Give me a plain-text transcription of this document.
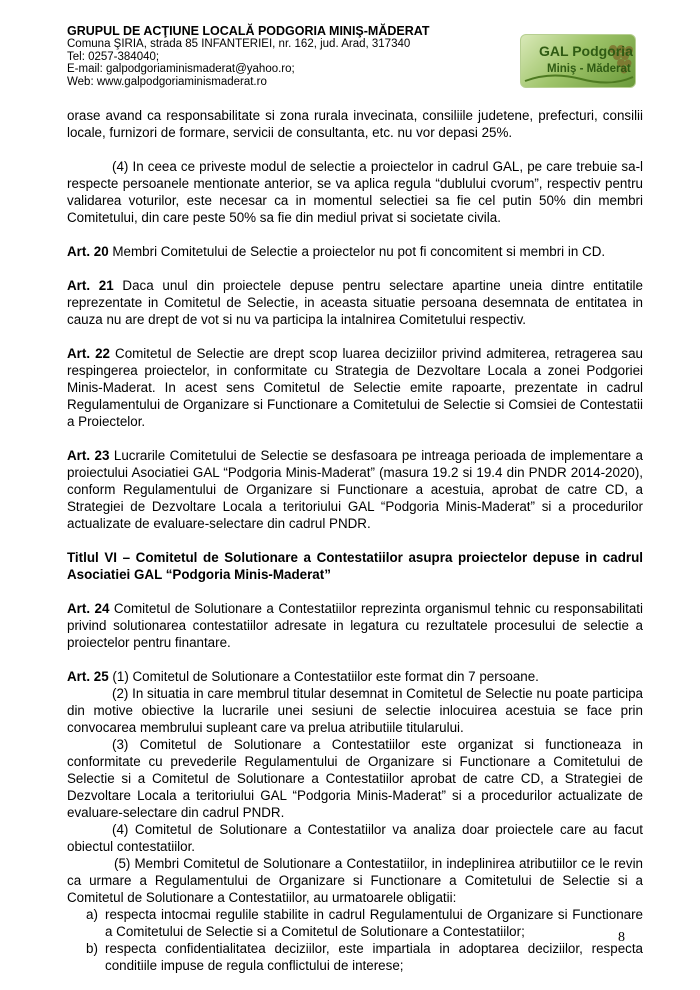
GRUPUL DE ACŢIUNE LOCALĂ PODGORIA MINIŞ-MĂDERAT
Comuna ŞIRIA, strada 85 INFANTERIEI, nr. 162, jud. Arad, 317340
Tel: 0257-384040;
E-mail: galpodgoriaminismaderat@yahoo.ro;
Web: www.galpodgoriaminismaderat.ro
GAL Podgoria
Miniş - Măderat

orase avand ca responsabilitate si zona rurala invecinata, consiliile judetene, prefecturi, consilii locale, furnizori de formare, servicii de consultanta, etc. nu vor depasi 25%.

(4) In ceea ce priveste modul de selectie a proiectelor in cadrul GAL, pe care trebuie sa-l respecte persoanele mentionate anterior, se va aplica regula “dublului cvorum”, respectiv pentru validarea voturilor, este necesar ca in momentul selectiei sa fie cel putin 50% din membri Comitetului, din care peste 50% sa fie din mediul privat si societate civila.

Art. 20 Membri Comitetului de Selectie a proiectelor nu pot fi concomitent si membri in CD.

Art. 21 Daca unul din proiectele depuse pentru selectare apartine uneia dintre entitatile reprezentate in Comitetul de Selectie, in aceasta situatie persoana desemnata de entitatea in cauza nu are drept de vot si nu va participa la intalnirea Comitetului respectiv.

Art. 22 Comitetul de Selectie are drept scop luarea deciziilor privind admiterea, retragerea sau respingerea proiectelor, in conformitate cu Strategia de Dezvoltare Locala a zonei Podgoriei Minis-Maderat. In acest sens Comitetul de Selectie emite rapoarte, prezentate in cadrul Regulamentului de Organizare si Functionare a Comitetului de Selectie si Comsiei de Contestatii a Proiectelor.

Art. 23 Lucrarile Comitetului de Selectie se desfasoara pe intreaga perioada de implementare a proiectului Asociatiei GAL “Podgoria Minis-Maderat” (masura 19.2 si 19.4 din PNDR 2014-2020), conform Regulamentului de Organizare si Functionare a acestuia, aprobat de catre CD, a Strategiei de Dezvoltare Locala a teritoriului GAL “Podgoria Minis-Maderat” si a procedurilor actualizate de evaluare-selectare din cadrul PNDR.

Titlul VI – Comitetul de Solutionare a Contestatiilor asupra proiectelor depuse in cadrul Asociatiei GAL “Podgoria Minis-Maderat”

Art. 24 Comitetul de Solutionare a Contestatiilor reprezinta organismul tehnic cu responsabilitati privind solutionarea contestatiilor adresate in legatura cu rezultatele procesului de selectie a proiectelor pentru finantare.

Art. 25 (1) Comitetul de Solutionare a Contestatiilor este format din 7 persoane.

(2) In situatia in care membrul titular desemnat in Comitetul de Selectie nu poate participa din motive obiective la lucrarile unei sesiuni de selectie inlocuirea acestuia se face prin convocarea membrului supleant care va prelua atributiile titularului.

(3) Comitetul de Solutionare a Contestatiilor este organizat si functioneaza in conformitate cu prevederile Regulamentului de Organizare si Functionare a Comitetului de Selectie si a Comitetul de Solutionare a Contestatiilor aprobat de catre CD, a Strategiei de Dezvoltare Locala a teritoriului GAL “Podgoria Minis-Maderat” si a procedurilor actualizate de evaluare-selectare din cadrul PNDR.

(4) Comitetul de Solutionare a Contestatiilor va analiza doar proiectele care au facut obiectul contestatiilor.

(5) Membri Comitetul de Solutionare a Contestatiilor, in indeplinirea atributiilor ce le revin ca urmare a Regulamentului de Organizare si Functionare a Comitetului de Selectie si a Comitetul de Solutionare a Contestatiilor, au urmatoarele obligatii:

a) respecta intocmai regulile stabilite in cadrul Regulamentului de Organizare si Functionare a Comitetului de Selectie si a Comitetul de Solutionare a Contestatiilor;
b) respecta confidentialitatea deciziilor, este impartiala in adoptarea deciziilor, respecta conditiile impuse de regula conflictului de interese;
8
